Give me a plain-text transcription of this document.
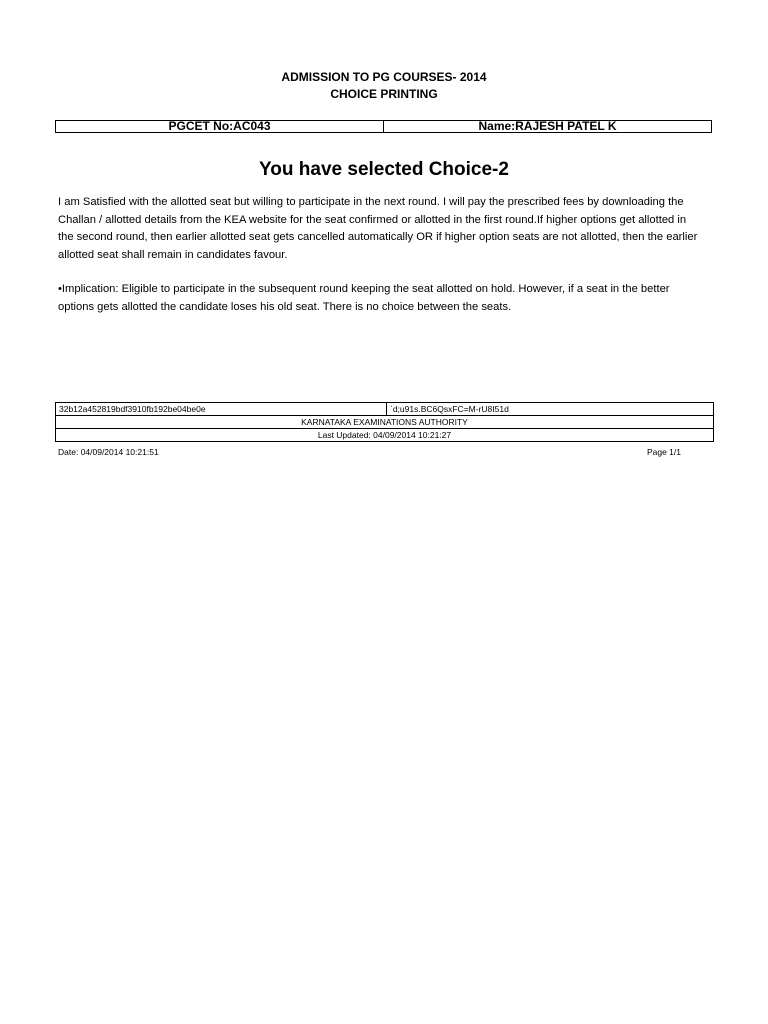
ADMISSION TO PG COURSES- 2014
CHOICE PRINTING
PGCET No:AC043	Name:RAJESH PATEL K
You have selected Choice-2

I am Satisfied with the allotted seat but willing to participate in the next round. I will pay the prescribed fees by downloading the Challan / allotted details from the KEA website for the seat confirmed or allotted in the first round.If higher options get allotted in the second round, then earlier allotted seat gets cancelled automatically OR if higher option seats are not allotted, then the earlier allotted seat shall remain in candidates favour.

•Implication: Eligible to participate in the subsequent round keeping the seat allotted on hold. However, if a seat in the better options gets allotted the candidate loses his old seat. There is no choice between the seats.

32b12a452819bdf3910fb192be04be0e	`d;u91s.BC6QsxFC=M-rU8I51d
KARNATAKA EXAMINATIONS AUTHORITY
Last Updated: 04/09/2014 10:21:27
Date: 04/09/2014 10:21:51	Page 1/1
